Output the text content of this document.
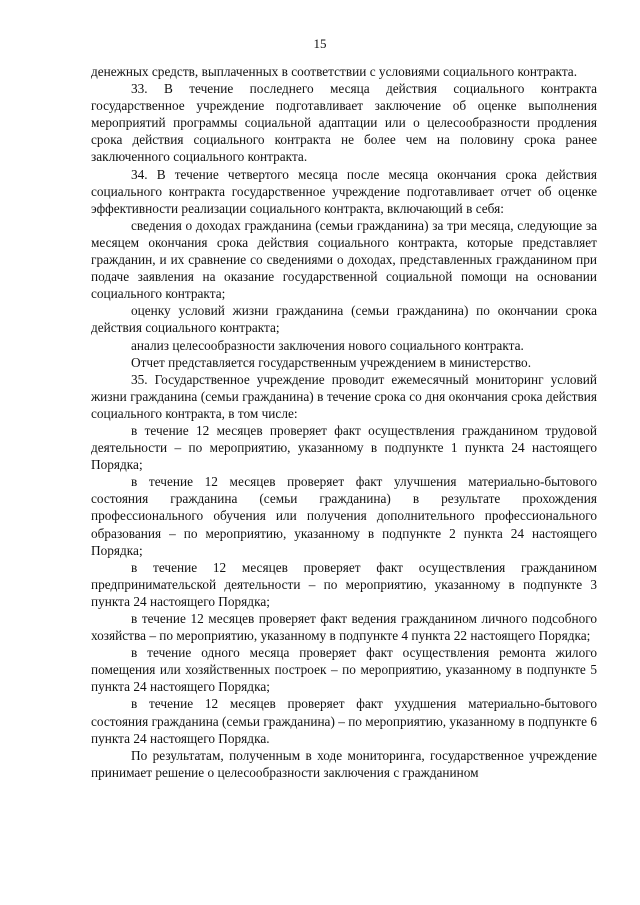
15

денежных средств, выплаченных в соответствии с условиями социального контракта.

33. В течение последнего месяца действия социального контракта государственное учреждение подготавливает заключение об оценке выполнения мероприятий программы социальной адаптации или о целесообразности продления срока действия социального контракта не более чем на половину срока ранее заключенного социального контракта.

34. В течение четвертого месяца после месяца окончания срока действия социального контракта государственное учреждение подготавливает отчет об оценке эффективности реализации социального контракта, включающий в себя:

сведения о доходах гражданина (семьи гражданина) за три месяца, следующие за месяцем окончания срока действия социального контракта, которые представляет гражданин, и их сравнение со сведениями о доходах, представленных гражданином при подаче заявления на оказание государственной социальной помощи на основании социального контракта;

оценку условий жизни гражданина (семьи гражданина) по окончании срока действия социального контракта;

анализ целесообразности заключения нового социального контракта.

Отчет представляется государственным учреждением в министерство.

35. Государственное учреждение проводит ежемесячный мониторинг условий жизни гражданина (семьи гражданина) в течение срока со дня окончания срока действия социального контракта, в том числе:

в течение 12 месяцев проверяет факт осуществления гражданином трудовой деятельности – по мероприятию, указанному в подпункте 1 пункта 24 настоящего Порядка;

в течение 12 месяцев проверяет факт улучшения материально-бытового состояния гражданина (семьи гражданина) в результате прохождения профессионального обучения или получения дополнительного профессионального образования – по мероприятию, указанному в подпункте 2 пункта 24 настоящего Порядка;

в течение 12 месяцев проверяет факт осуществления гражданином предпринимательской деятельности – по мероприятию, указанному в подпункте 3 пункта 24 настоящего Порядка;

в течение 12 месяцев проверяет факт ведения гражданином личного подсобного хозяйства – по мероприятию, указанному в подпункте 4 пункта 22 настоящего Порядка;

в течение одного месяца проверяет факт осуществления ремонта жилого помещения или хозяйственных построек – по мероприятию, указанному в подпункте 5 пункта 24 настоящего Порядка;

в течение 12 месяцев проверяет факт ухудшения материально-бытового состояния гражданина (семьи гражданина) – по мероприятию, указанному в подпункте 6 пункта 24 настоящего Порядка.

По результатам, полученным в ходе мониторинга, государственное учреждение принимает решение о целесообразности заключения с гражданином
